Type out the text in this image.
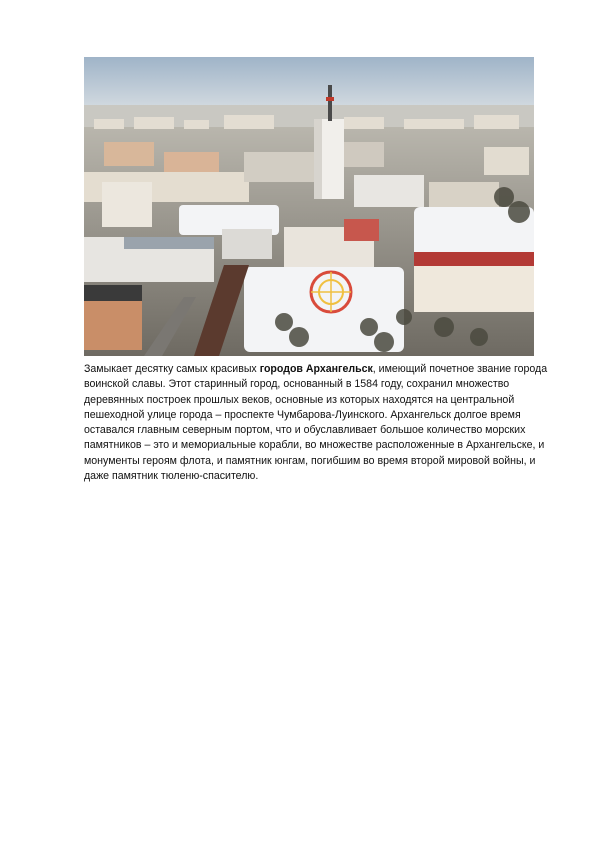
Замыкает десятку самых красивых городов Архангельск, имеющий почетное звание города воинской славы. Этот старинный город, основанный в 1584 году, сохранил множество деревянных построек прошлых веков, основные из которых находятся на центральной пешеходной улице города – проспекте Чумбарова-Луинского. Архангельск долгое время оставался главным северным портом, что и обуславливает большое количество морских памятников – это и мемориальные корабли, во множестве расположенные в Архангельске, и монументы героям флота, и памятник юнгам, погибшим во время второй мировой войны, и даже памятник тюленю-спасителю.
